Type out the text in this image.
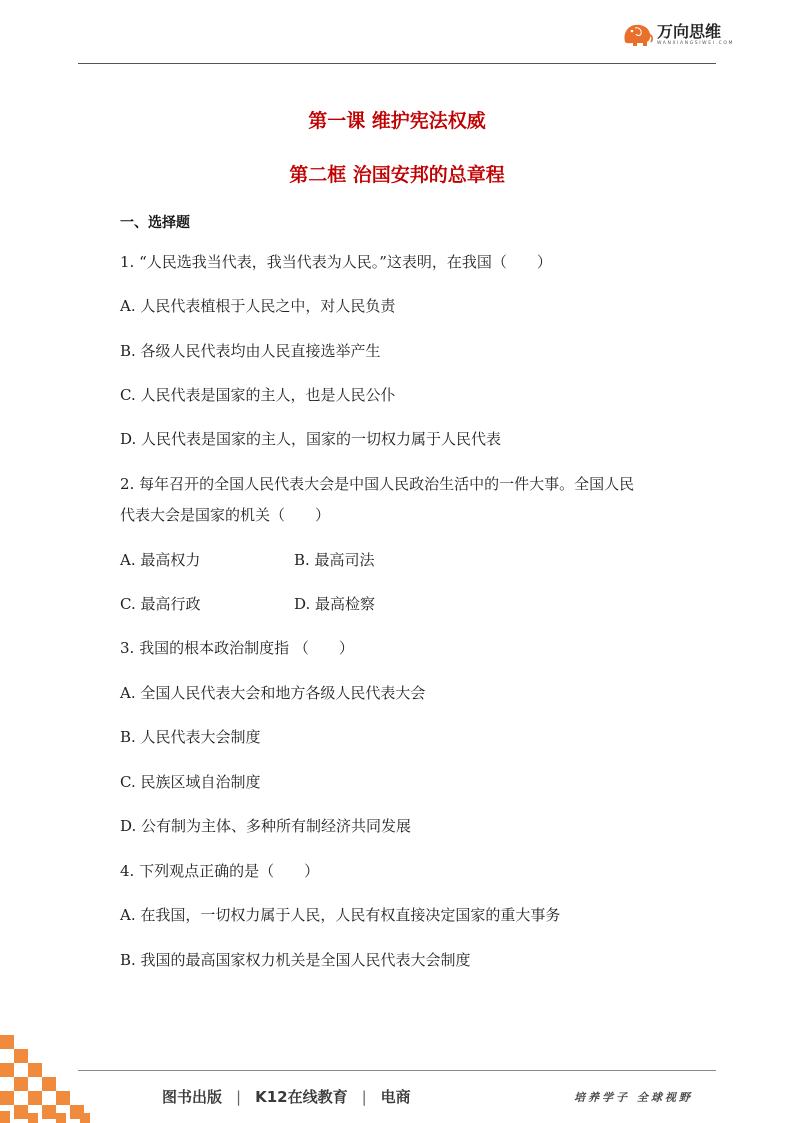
万向思维
WANXIANGSIWEI.COM
第一课 维护宪法权威
第二框 治国安邦的总章程
一、选择题
1. “人民选我当代表，我当代表为人民。”这表明，在我国（　　）
A. 人民代表植根于人民之中，对人民负责
B. 各级人民代表均由人民直接选举产生
C. 人民代表是国家的主人，也是人民公仆
D. 人民代表是国家的主人，国家的一切权力属于人民代表
2. 每年召开的全国人民代表大会是中国人民政治生活中的一件大事。全国人民
代表大会是国家的机关（　　）
A. 最高权力	B. 最高司法
C. 最高行政	D. 最高检察
3. 我国的根本政治制度指 （　　）
A. 全国人民代表大会和地方各级人民代表大会
B. 人民代表大会制度
C. 民族区域自治制度
D. 公有制为主体、多种所有制经济共同发展
4. 下列观点正确的是（　　）
A. 在我国，一切权力属于人民，人民有权直接决定国家的重大事务
B. 我国的最高国家权力机关是全国人民代表大会制度
图书出版 | K12在线教育 | 电商	培养学子 全球视野
